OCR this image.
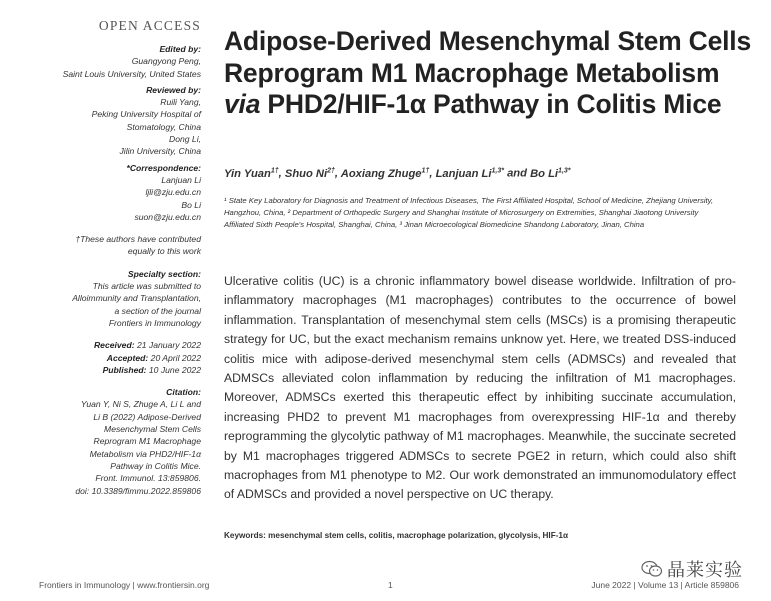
OPEN ACCESS
Edited by:
Guangyong Peng,
Saint Louis University, United States
Reviewed by:
Ruili Yang,
Peking University Hospital of
Stomatology, China
Dong Li,
Jilin University, China
*Correspondence:
Lanjuan Li
ljli@zju.edu.cn
Bo Li
suon@zju.edu.cn
†These authors have contributed
equally to this work
Specialty section:
This article was submitted to
Alloimmunity and Transplantation,
a section of the journal
Frontiers in Immunology
Received: 21 January 2022
Accepted: 20 April 2022
Published: 10 June 2022
Citation:
Yuan Y, Ni S, Zhuge A, Li L and
Li B (2022) Adipose-Derived
Mesenchymal Stem Cells
Reprogram M1 Macrophage
Metabolism via PHD2/HIF-1α
Pathway in Colitis Mice.
Front. Immunol. 13:859806.
doi: 10.3389/fimmu.2022.859806
Adipose-Derived Mesenchymal Stem Cells Reprogram M1 Macrophage Metabolism via PHD2/HIF-1α Pathway in Colitis Mice
Yin Yuan$^{1\dagger}$, Shuo $Ni^{2\dagger}$, Aoxiang Zhuge$^{1\dagger}$, Lanjuan $Li^{1,3*}$ and Bo $Li^{1,3*}$
¹ State Key Laboratory for Diagnosis and Treatment of Infectious Diseases, The First Affiliated Hospital, School of Medicine, Zhejiang University, Hangzhou, China, ² Department of Orthopedic Surgery and Shanghai Institute of Microsurgery on Extremities, Shanghai Jiaotong University Affiliated Sixth People's Hospital, Shanghai, China, ³ Jinan Microecological Biomedicine Shandong Laboratory, Jinan, China

Ulcerative colitis (UC) is a chronic inflammatory bowel disease worldwide. Infiltration of pro-inflammatory macrophages (M1 macrophages) contributes to the occurrence of bowel inflammation. Transplantation of mesenchymal stem cells (MSCs) is a promising therapeutic strategy for UC, but the exact mechanism remains unknow yet. Here, we treated DSS-induced colitis mice with adipose-derived mesenchymal stem cells (ADMSCs) and revealed that ADMSCs alleviated colon inflammation by reducing the infiltration of M1 macrophages. Moreover, ADMSCs exerted this therapeutic effect by inhibiting succinate accumulation, increasing PHD2 to prevent M1 macrophages from overexpressing HIF-1α and thereby reprogramming the glycolytic pathway of M1 macrophages. Meanwhile, the succinate secreted by M1 macrophages triggered ADMSCs to secrete PGE2 in return, which could also shift macrophages from M1 phenotype to M2. Our work demonstrated an immunomodulatory effect of ADMSCs and provided a novel perspective on UC therapy.

Keywords: mesenchymal stem cells, colitis, macrophage polarization, glycolysis, HIF-1α
Frontiers in Immunology | www.frontiersin.org	1	June 2022 | Volume 13 | Article 859806
晶莱实验
